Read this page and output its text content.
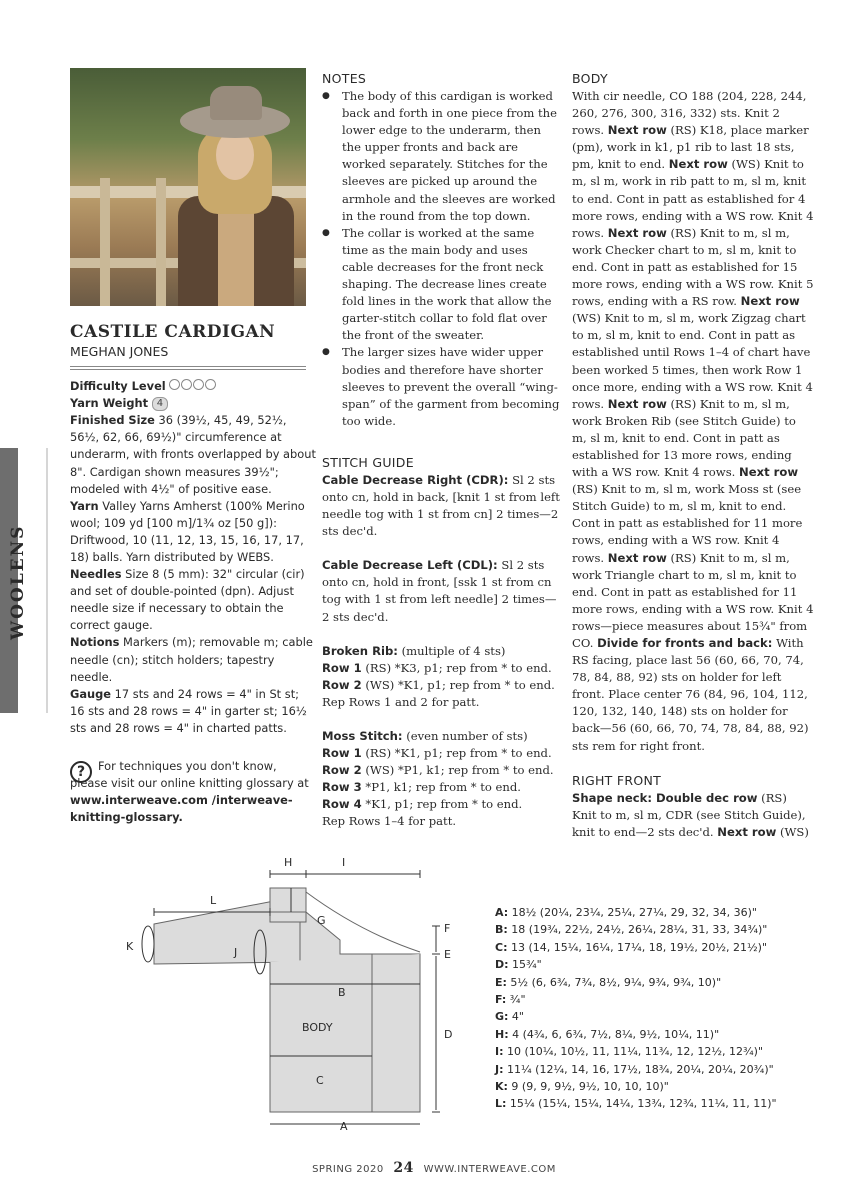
WOOLENS
CASTILE CARDIGAN
MEGHAN JONES
Difficulty Level
Yarn Weight 4
Finished Size 36 (39½, 45, 49, 52½, 56½, 62, 66, 69½)" circumference at underarm, with fronts overlapped by about 8". Cardigan shown measures 39½"; modeled with 4½" of positive ease.
Yarn Valley Yarns Amherst (100% Merino wool; 109 yd [100 m]/1¾ oz [50 g]): Driftwood, 10 (11, 12, 13, 15, 16, 17, 17, 18) balls. Yarn distributed by WEBS.
Needles Size 8 (5 mm): 32" circular (cir) and set of double-pointed (dpn). Adjust needle size if necessary to obtain the correct gauge.
Notions Markers (m); removable m; cable needle (cn); stitch holders; tapestry needle.
Gauge 17 sts and 24 rows = 4" in St st; 16 sts and 28 rows = 4" in garter st; 16½ sts and 28 rows = 4" in charted patts.
?	For techniques you don't know, please visit our online knitting glossary at www.interweave.com /interweave-knitting-glossary.
NOTES
● The body of this cardigan is worked back and forth in one piece from the lower edge to the underarm, then the upper fronts and back are worked separately. Stitches for the sleeves are picked up around the armhole and the sleeves are worked in the round from the top down.
● The collar is worked at the same time as the main body and uses cable decreases for the front neck shaping. The decrease lines create fold lines in the work that allow the garter-stitch collar to fold flat over the front of the sweater.
● The larger sizes have wider upper bodies and therefore have shorter sleeves to prevent the overall “wing-span” of the garment from becoming too wide.
STITCH GUIDE
Cable Decrease Right (CDR): Sl 2 sts onto cn, hold in back, [knit 1 st from left needle tog with 1 st from cn] 2 times—2 sts dec'd.
Cable Decrease Left (CDL): Sl 2 sts onto cn, hold in front, [ssk 1 st from cn tog with 1 st from left needle] 2 times—2 sts dec'd.
Broken Rib: (multiple of 4 sts)
Row 1 (RS) *K3, p1; rep from * to end.
Row 2 (WS) *K1, p1; rep from * to end.
Rep Rows 1 and 2 for patt.
Moss Stitch: (even number of sts)
Row 1 (RS) *K1, p1; rep from * to end.
Row 2 (WS) *P1, k1; rep from * to end.
Row 3 *P1, k1; rep from * to end.
Row 4 *K1, p1; rep from * to end.
Rep Rows 1–4 for patt.
BODY
With cir needle, CO 188 (204, 228, 244, 260, 276, 300, 316, 332) sts. Knit 2 rows. Next row (RS) K18, place marker (pm), work in k1, p1 rib to last 18 sts, pm, knit to end. Next row (WS) Knit to m, sl m, work in rib patt to m, sl m, knit to end. Cont in patt as established for 4 more rows, ending with a WS row. Knit 4 rows. Next row (RS) Knit to m, sl m, work Checker chart to m, sl m, knit to end. Cont in patt as established for 15 more rows, ending with a WS row. Knit 5 rows, ending with a RS row. Next row (WS) Knit to m, sl m, work Zigzag chart to m, sl m, knit to end. Cont in patt as established until Rows 1–4 of chart have been worked 5 times, then work Row 1 once more, ending with a WS row. Knit 4 rows. Next row (RS) Knit to m, sl m, work Broken Rib (see Stitch Guide) to m, sl m, knit to end. Cont in patt as established for 13 more rows, ending with a WS row. Knit 4 rows. Next row (RS) Knit to m, sl m, work Moss st (see Stitch Guide) to m, sl m, knit to end. Cont in patt as established for 11 more rows, ending with a WS row. Knit 4 rows. Next row (RS) Knit to m, sl m, work Triangle chart to m, sl m, knit to end. Cont in patt as established for 11 more rows, ending with a WS row. Knit 4 rows—piece measures about 15¾" from CO. Divide for fronts and back: With RS facing, place last 56 (60, 66, 70, 74, 78, 84, 88, 92) sts on holder for left front. Place center 76 (84, 96, 104, 112, 120, 132, 140, 148) sts on holder for back—56 (60, 66, 70, 74, 78, 84, 88, 92) sts rem for right front.
RIGHT FRONT
Shape neck: Double dec row (RS) Knit to m, sl m, CDR (see Stitch Guide), knit to end—2 sts dec'd. Next row (WS)
H	I
L
K	J
G
F
E
B
BODY
D
C
A
A: 18½ (20¼, 23¼, 25¼, 27¼, 29, 32, 34, 36)"
B: 18 (19¾, 22½, 24½, 26¼, 28¼, 31, 33, 34¾)"
C: 13 (14, 15¼, 16¼, 17¼, 18, 19½, 20½, 21½)"
D: 15¾"
E: 5½ (6, 6¾, 7¾, 8½, 9¼, 9¾, 9¾, 10)"
F: ¾"
G: 4"
H: 4 (4¾, 6, 6¾, 7½, 8¼, 9½, 10¼, 11)"
I: 10 (10¼, 10½, 11, 11¼, 11¾, 12, 12½, 12¾)"
J: 11¼ (12¼, 14, 16, 17½, 18¾, 20¼, 20¼, 20¾)"
K: 9 (9, 9, 9½, 9½, 10, 10, 10)"
L: 15¼ (15¼, 15¼, 14¼, 13¾, 12¾, 11¼, 11, 11)"
SPRING 2020 24 WWW.INTERWEAVE.COM
